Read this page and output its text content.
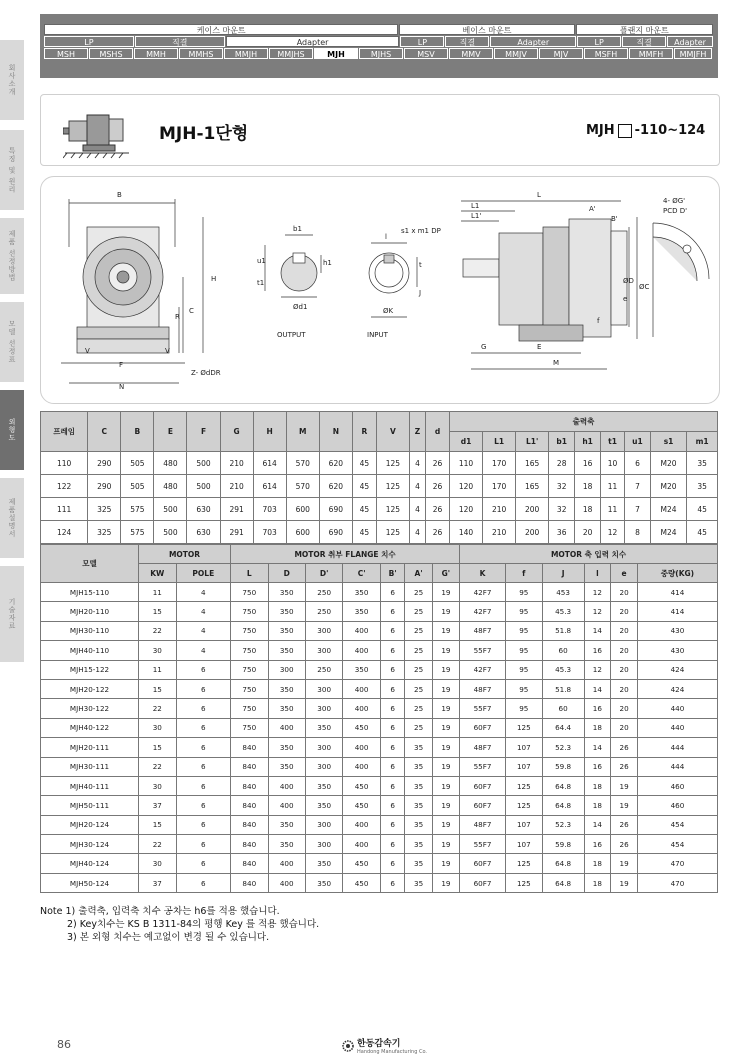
회사소개
특징 및 원리
제품 선정방법
모델 선정표
외형도
제품설명서
기술자료
케이스 마운트	베이스 마운트	플랜지 마운트
LP	직결	Adapter	LP	직결	Adapter	LP	직결	Adapter
MSH	MSHS	MMH	MMHS	MMJH	MMJHS	MJH	MJHS	MSV	MMV	MMJV	MJV	MSFH	MMFH	MMJFH
MJH-1단형	MJH -110~124
B
H
C
R
F
N
V	V
Z- ØdDR
b1
u1	h1
t1
Ød1
OUTPUT
l
t
ØK
J
INPUT
L
L1
L1'
s1 x m1 DP
A'
B'
ØD
ØC
e
f
G	E
M
4- ØG'
PCD D'
프레임	C	B	E	F	G	H	M	N	R	V	Z	d	출력축								
													d1	L1	L1'	b1	h1	t1	u1	s1	m1
110	290	505	480	500	210	614	570	620	45	125	4	26	110	170	165	28	16	10	6	M20	35
122	290	505	480	500	210	614	570	620	45	125	4	26	120	170	165	32	18	11	7	M20	35
111	325	575	500	630	291	703	600	690	45	125	4	26	120	210	200	32	18	11	7	M24	45
124	325	575	500	630	291	703	600	690	45	125	4	26	140	210	200	36	20	12	8	M24	45
모델	MOTOR		MOTOR 취부 FLANGE 치수							MOTOR 축 입력 치수					
	KW	POLE	L	D	D'	C'	B'	A'	G'	K	f	J	l	e	중량(KG)
MJH15-110	11	4	750	350	250	350	6	25	19	42F7	95	453	12	20	414
MJH20-110	15	4	750	350	250	350	6	25	19	42F7	95	45.3	12	20	414
MJH30-110	22	4	750	350	300	400	6	25	19	48F7	95	51.8	14	20	430
MJH40-110	30	4	750	350	300	400	6	25	19	55F7	95	60	16	20	430
MJH15-122	11	6	750	300	250	350	6	25	19	42F7	95	45.3	12	20	424
MJH20-122	15	6	750	350	300	400	6	25	19	48F7	95	51.8	14	20	424
MJH30-122	22	6	750	350	300	400	6	25	19	55F7	95	60	16	20	440
MJH40-122	30	6	750	400	350	450	6	25	19	60F7	125	64.4	18	20	440
MJH20-111	15	6	840	350	300	400	6	35	19	48F7	107	52.3	14	26	444
MJH30-111	22	6	840	350	300	400	6	35	19	55F7	107	59.8	16	26	444
MJH40-111	30	6	840	400	350	450	6	35	19	60F7	125	64.8	18	19	460
MJH50-111	37	6	840	400	350	450	6	35	19	60F7	125	64.8	18	19	460
MJH20-124	15	6	840	350	300	400	6	35	19	48F7	107	52.3	14	26	454
MJH30-124	22	6	840	350	300	400	6	35	19	55F7	107	59.8	16	26	454
MJH40-124	30	6	840	400	350	450	6	35	19	60F7	125	64.8	18	19	470
MJH50-124	37	6	840	400	350	450	6	35	19	60F7	125	64.8	18	19	470
Note 1) 출력축, 입력축 치수 공차는 h6를 적용 했습니다.
2) Key치수는 KS B 1311-84의 평행 Key 를 적용 했습니다.
3) 본 외형 치수는 예고없이 변경 될 수 있습니다.
86	한동감속기
Handong Manufacturing Co.
